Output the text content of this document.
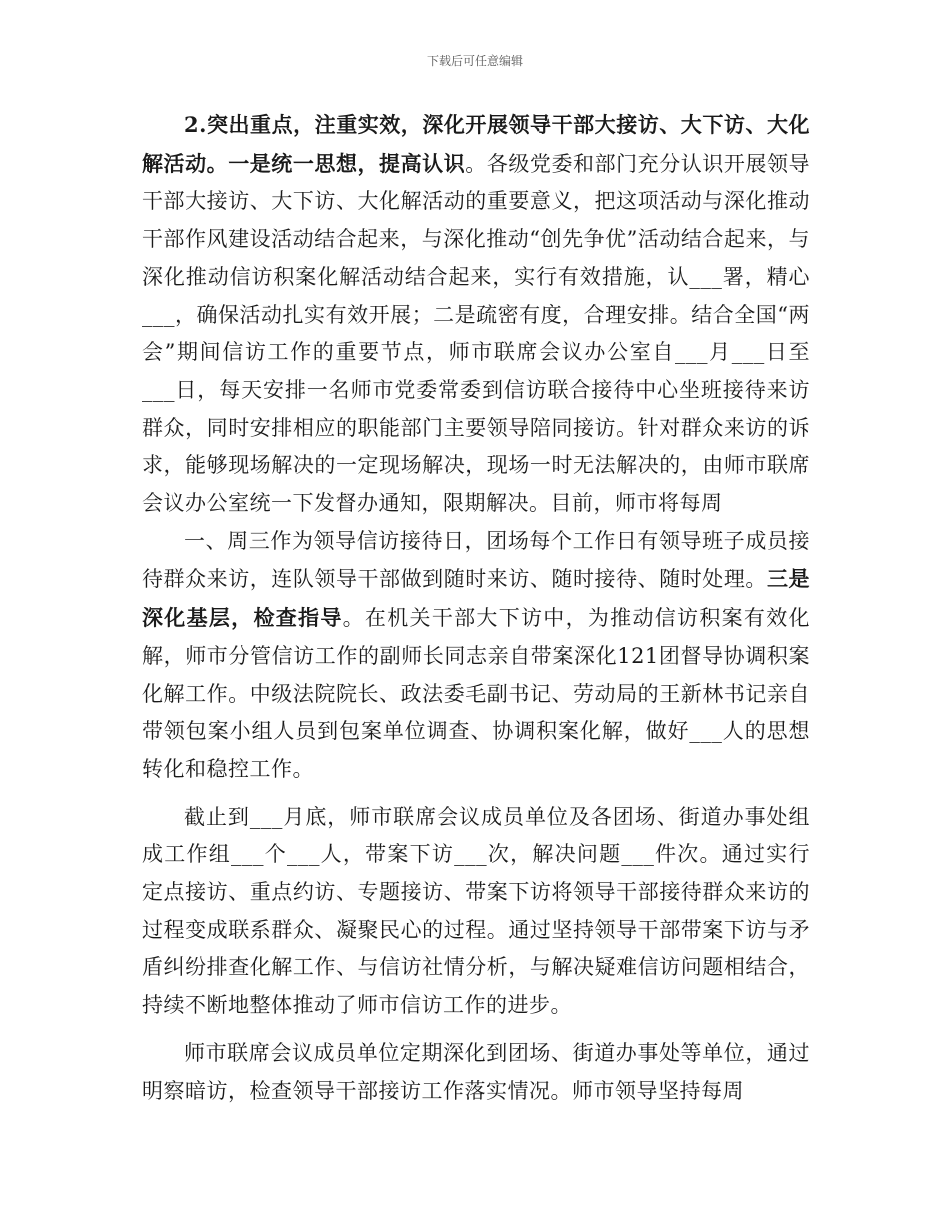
下载后可任意编辑

2.突出重点，注重实效，深化开展领导干部大接访、大下访、大化解活动。一是统一思想，提高认识。各级党委和部门充分认识开展领导干部大接访、大下访、大化解活动的重要意义，把这项活动与深化推动干部作风建设活动结合起来，与深化推动“创先争优”活动结合起来，与深化推动信访积案化解活动结合起来，实行有效措施，认___署，精心___，确保活动扎实有效开展；二是疏密有度，合理安排。结合全国“两会”期间信访工作的重要节点，师市联席会议办公室自___月___日至___日，每天安排一名师市党委常委到信访联合接待中心坐班接待来访群众，同时安排相应的职能部门主要领导陪同接访。针对群众来访的诉求，能够现场解决的一定现场解决，现场一时无法解决的，由师市联席会议办公室统一下发督办通知，限期解决。目前，师市将每周

一、周三作为领导信访接待日，团场每个工作日有领导班子成员接待群众来访，连队领导干部做到随时来访、随时接待、随时处理。三是深化基层，检查指导。在机关干部大下访中，为推动信访积案有效化解，师市分管信访工作的副师长同志亲自带案深化121团督导协调积案化解工作。中级法院院长、政法委毛副书记、劳动局的王新林书记亲自带领包案小组人员到包案单位调查、协调积案化解，做好___人的思想转化和稳控工作。

截止到___月底，师市联席会议成员单位及各团场、街道办事处组成工作组___个___人，带案下访___次，解决问题___件次。通过实行定点接访、重点约访、专题接访、带案下访将领导干部接待群众来访的过程变成联系群众、凝聚民心的过程。通过坚持领导干部带案下访与矛盾纠纷排查化解工作、与信访社情分析，与解决疑难信访问题相结合，持续不断地整体推动了师市信访工作的进步。

师市联席会议成员单位定期深化到团场、街道办事处等单位，通过明察暗访，检查领导干部接访工作落实情况。师市领导坚持每周
